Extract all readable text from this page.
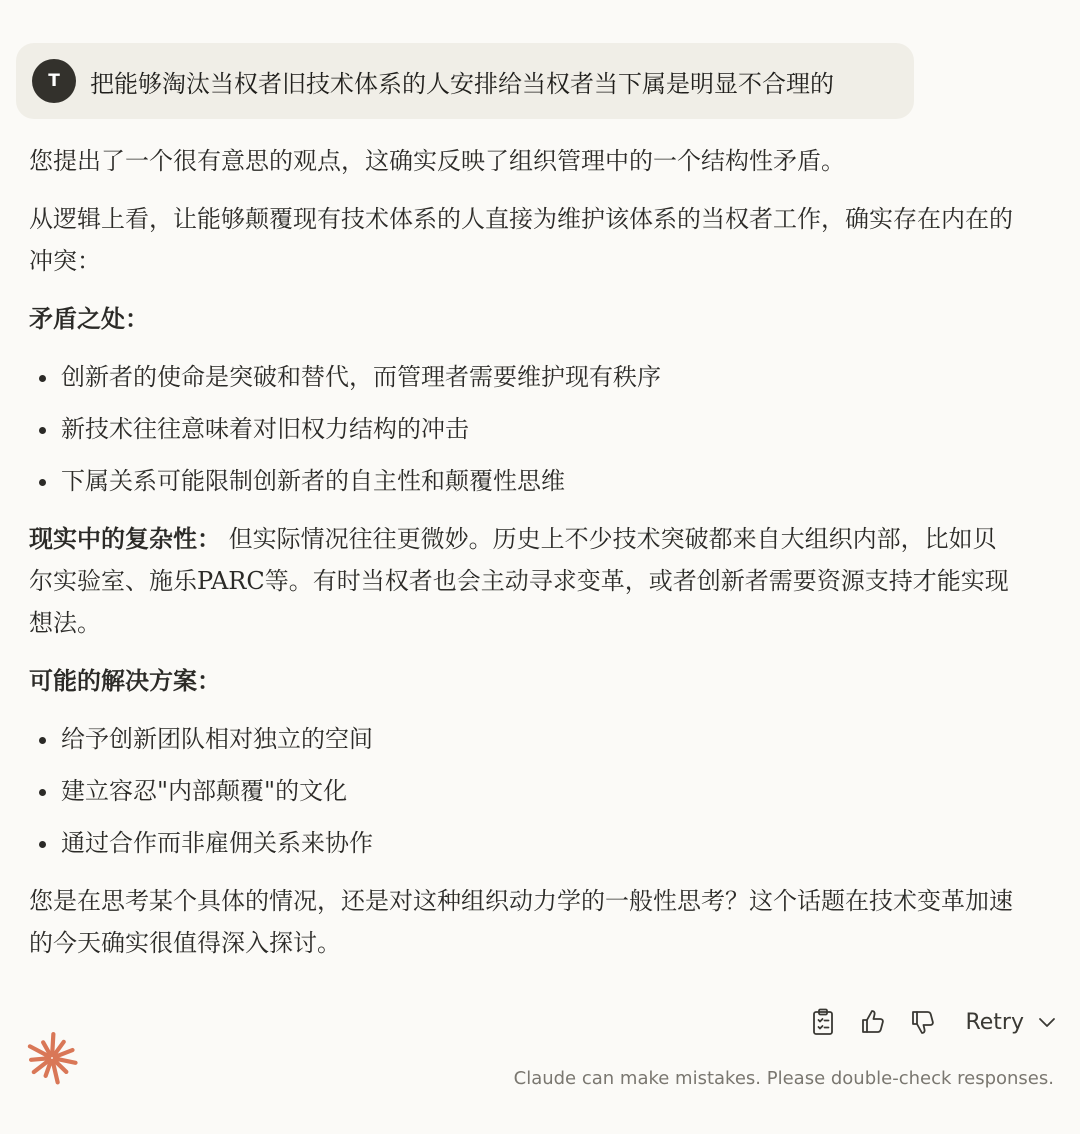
T	把能够淘汰当权者旧技术体系的人安排给当权者当下属是明显不合理的

您提出了一个很有意思的观点，这确实反映了组织管理中的一个结构性矛盾。

从逻辑上看，让能够颠覆现有技术体系的人直接为维护该体系的当权者工作，确实存在内在的冲突：

矛盾之处：

创新者的使命是突破和替代，而管理者需要维护现有秩序
新技术往往意味着对旧权力结构的冲击
下属关系可能限制创新者的自主性和颠覆性思维

现实中的复杂性： 但实际情况往往更微妙。历史上不少技术突破都来自大组织内部，比如贝尔实验室、施乐PARC等。有时当权者也会主动寻求变革，或者创新者需要资源支持才能实现想法。

可能的解决方案：

给予创新团队相对独立的空间
建立容忍"内部颠覆"的文化
通过合作而非雇佣关系来协作

您是在思考某个具体的情况，还是对这种组织动力学的一般性思考？这个话题在技术变革加速的今天确实很值得深入探讨。

Retry
Claude can make mistakes. Please double-check responses.
